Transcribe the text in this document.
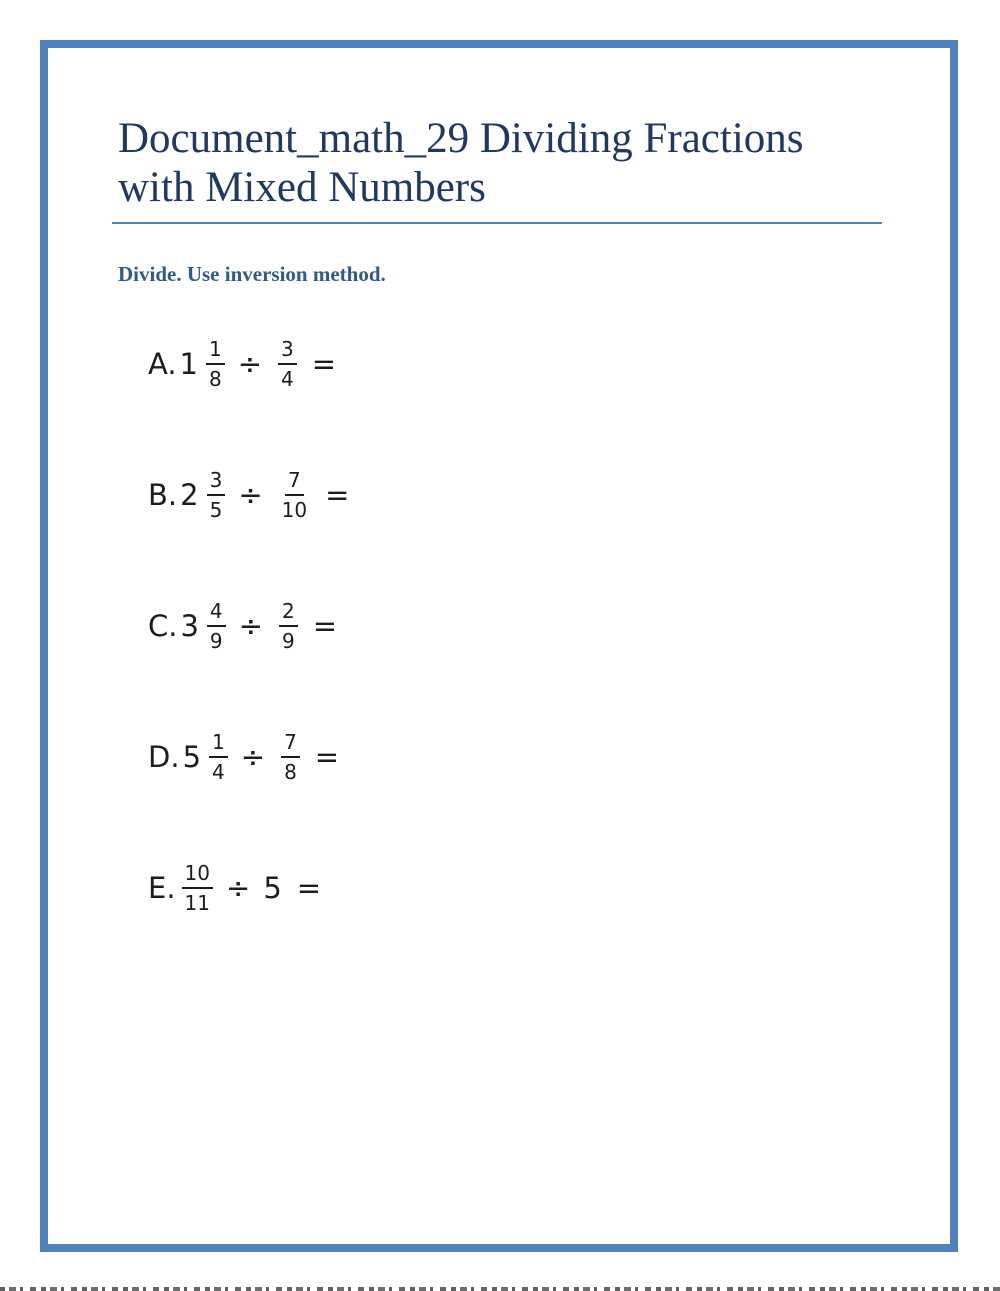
Document_math_29 Dividing Fractions
with Mixed Numbers

Divide. Use inversion method.

A. $1 \frac{1}{8} \div \frac{3}{4}$ =
B. $2 \frac{3}{5} \div \frac{7}{10}$ =
C. $3 \frac{4}{9} \div \frac{2}{9}$ =
D. $5 \frac{1}{4} \div \frac{7}{8}$ =
E. $\frac{10}{11} \div 5$ =
